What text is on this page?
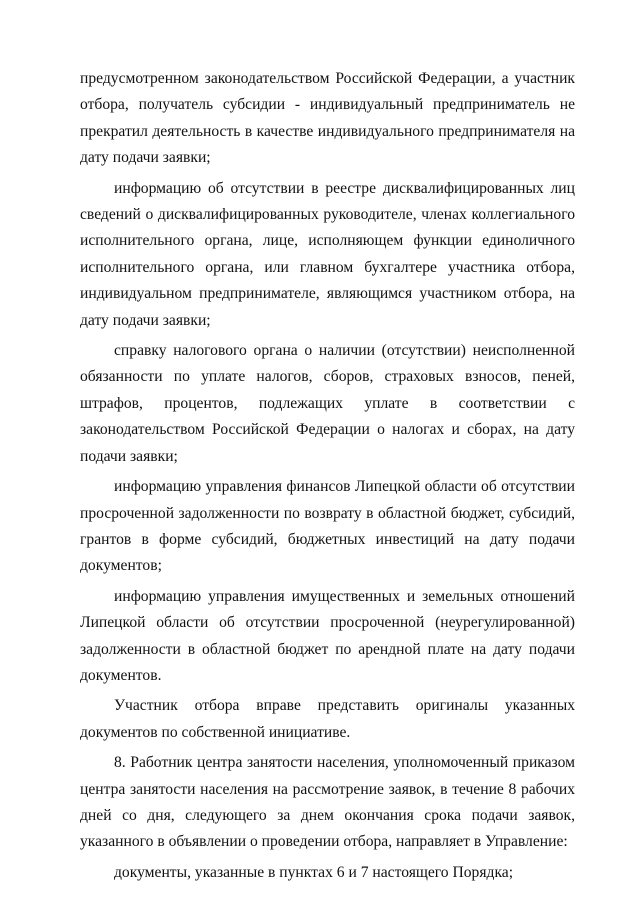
предусмотренном законодательством Российской Федерации, а участник отбора, получатель субсидии - индивидуальный предприниматель не прекратил деятельность в качестве индивидуального предпринимателя на дату подачи заявки;

информацию об отсутствии в реестре дисквалифицированных лиц сведений о дисквалифицированных руководителе, членах коллегиального исполнительного органа, лице, исполняющем функции единоличного исполнительного органа, или главном бухгалтере участника отбора, индивидуальном предпринимателе, являющимся участником отбора, на дату подачи заявки;

справку налогового органа о наличии (отсутствии) неисполненной обязанности по уплате налогов, сборов, страховых взносов, пеней, штрафов, процентов, подлежащих уплате в соответствии с законодательством Российской Федерации о налогах и сборах, на дату подачи заявки;

информацию управления финансов Липецкой области об отсутствии просроченной задолженности по возврату в областной бюджет, субсидий, грантов в форме субсидий, бюджетных инвестиций на дату подачи документов;

информацию управления имущественных и земельных отношений Липецкой области об отсутствии просроченной (неурегулированной) задолженности в областной бюджет по арендной плате на дату подачи документов.

Участник отбора вправе представить оригиналы указанных документов по собственной инициативе.

8. Работник центра занятости населения, уполномоченный приказом центра занятости населения на рассмотрение заявок, в течение 8 рабочих дней со дня, следующего за днем окончания срока подачи заявок, указанного в объявлении о проведении отбора, направляет в Управление:

документы, указанные в пунктах 6 и 7 настоящего Порядка;
